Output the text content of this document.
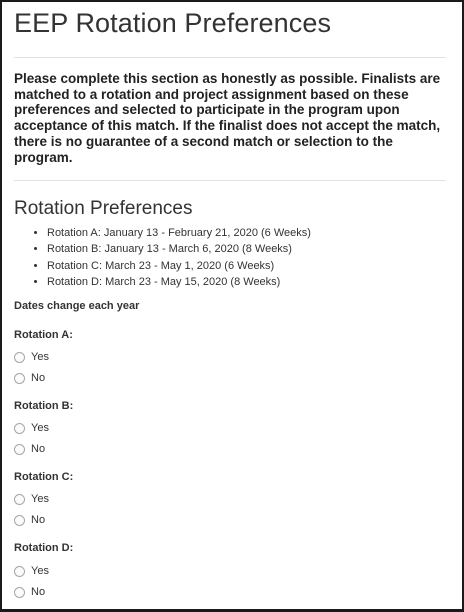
EEP Rotation Preferences

Please complete this section as honestly as possible. Finalists are matched to a rotation and project assignment based on these preferences and selected to participate in the program upon acceptance of this match. If the finalist does not accept the match, there is no guarantee of a second match or selection to the program.

Rotation Preferences
• Rotation A: January 13 - February 21, 2020 (6 Weeks)
• Rotation B: January 13 - March 6, 2020 (8 Weeks)
• Rotation C: March 23 - May 1, 2020 (6 Weeks)
• Rotation D: March 23 - May 15, 2020 (8 Weeks)
Dates change each year
Rotation A:
Yes
No
Rotation B:
Yes
No
Rotation C:
Yes
No
Rotation D:
Yes
No
